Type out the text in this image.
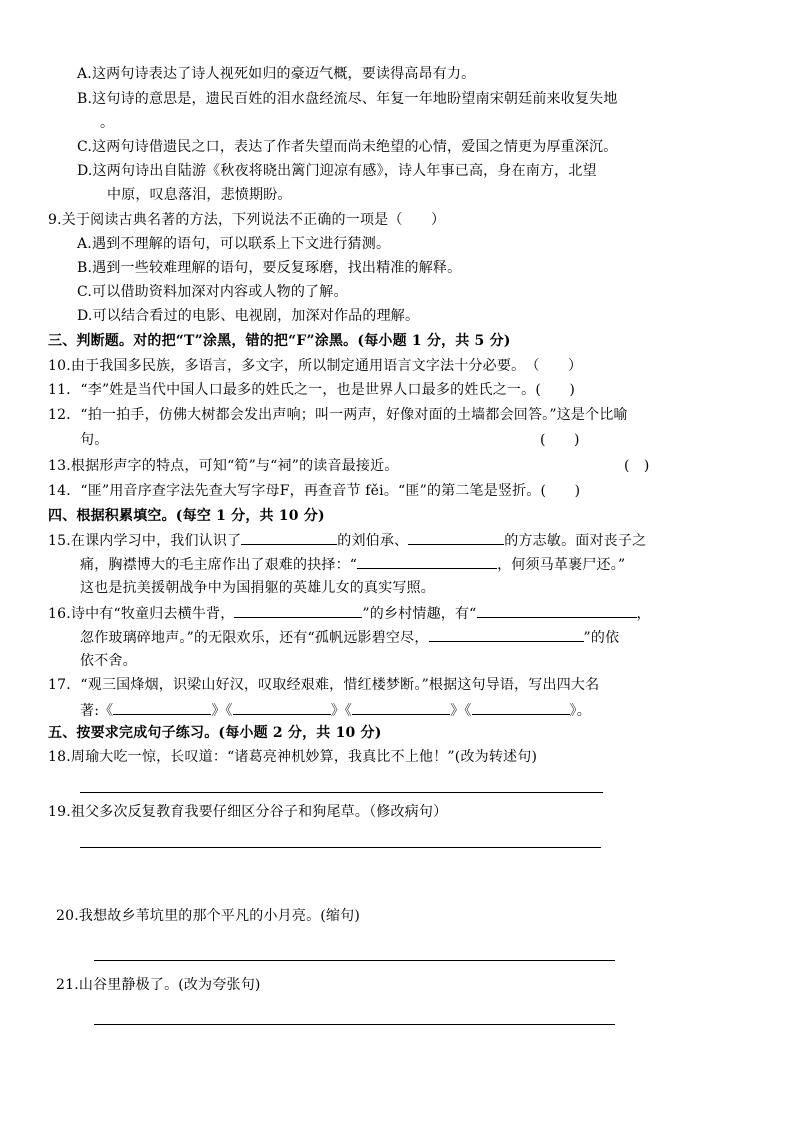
A.这两句诗表达了诗人视死如归的豪迈气概，要读得高昂有力。
B.这句诗的意思是，遗民百姓的泪水盘经流尽、年复一年地盼望南宋朝廷前来收复失地
。
C.这两句诗借遗民之口，表达了作者失望而尚未绝望的心情，爱国之情更为厚重深沉。
D.这两句诗出自陆游《秋夜将晓出篱门迎凉有感》，诗人年事已高，身在南方，北望
中原，叹息落泪，悲愤期盼。
9.关于阅读古典名著的方法，下列说法不正确的一项是（　　）
A.遇到不理解的语句，可以联系上下文进行猜测。
B.遇到一些较难理解的语句，要反复琢磨，找出精准的解释。
C.可以借助资料加深对内容或人物的了解。
D.可以结合看过的电影、电视剧，加深对作品的理解。
三、判断题。对的把“T”涂黑，错的把“F”涂黑。(每小题 1 分，共 5 分)
10.由于我国多民族，多语言，多文字，所以制定通用语言文字法十分必要。　（　　）
11．“李”姓是当代中国人口最多的姓氏之一，也是世界人口最多的姓氏之一。(　　)
12．“拍一拍手，仿佛大树都会发出声响；叫一两声，好像对面的土墙都会回答。”这是个比喻
句。	(　　)
13.根据形声字的特点，可知“筍”与“祠”的读音最接近。	(　)
14．“匪”用音序查字法先查大写字母F，再查音节 fěi。“匪”的第二笔是竖折。(　　)
四、根据积累填空。(每空 1 分，共 10 分)
15.在课内学习中，我们认识了	的刘伯承、	的方志敏。面对丧子之
痛，胸襟博大的毛主席作出了艰难的抉择：“	，何须马革裹尸还。”
这也是抗美援朝战争中为国捐躯的英雄儿女的真实写照。
16.诗中有“牧童归去横牛背，	”的乡村情趣，有“	，
忽作玻璃碎地声。”的无限欢乐，还有“孤帆远影碧空尽，	”的依
依不舍。
17．“观三国烽烟，识梁山好汉，叹取经艰难，惜红楼梦断。”根据这句导语，写出四大名
著:《	》《	》《	》《	》。
五、按要求完成句子练习。(每小题 2 分，共 10 分)
18.周瑜大吃一惊，长叹道：“诸葛亮神机妙算，我真比不上他！”(改为转述句)
19.祖父多次反复教育我要仔细区分谷子和狗尾草。（修改病句）
20.我想故乡苇坑里的那个平凡的小月亮。(缩句)
21.山谷里静极了。(改为夸张句)
